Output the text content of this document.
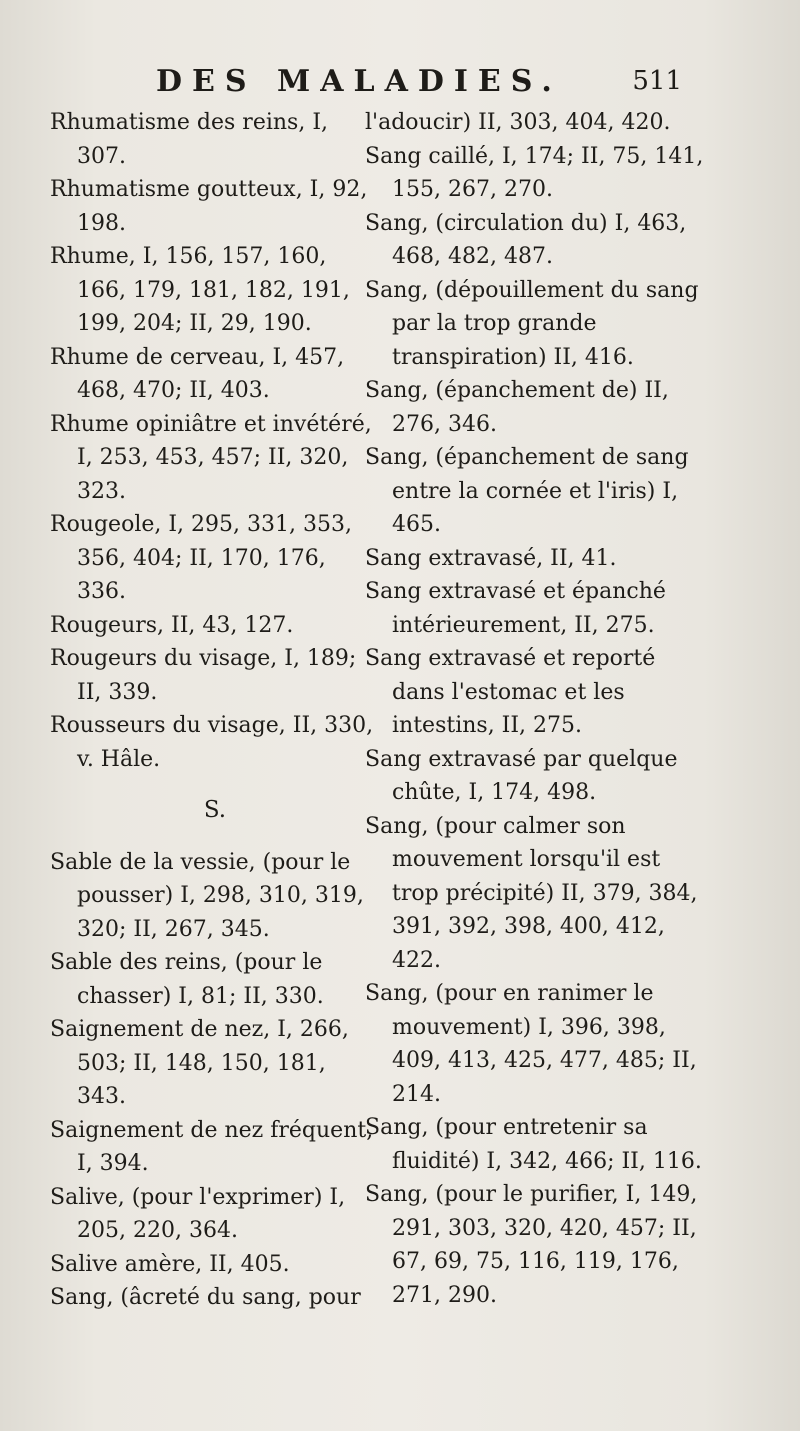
DES MALADIES.	511

Rhumatisme des reins, I, 307.

Rhumatisme goutteux, I, 92, 198.

Rhume, I, 156, 157, 160, 166, 179, 181, 182, 191, 199, 204; II, 29, 190.

Rhume de cerveau, I, 457, 468, 470; II, 403.

Rhume opiniâtre et invétéré, I, 253, 453, 457; II, 320, 323.

Rougeole, I, 295, 331, 353, 356, 404; II, 170, 176, 336.

Rougeurs, II, 43, 127.

Rougeurs du visage, I, 189; II, 339.

Rousseurs du visage, II, 330, v. Hâle.

S.

Sable de la vessie, (pour le pousser) I, 298, 310, 319, 320; II, 267, 345.

Sable des reins, (pour le chasser) I, 81; II, 330.

Saignement de nez, I, 266, 503; II, 148, 150, 181, 343.

Saignement de nez fréquent, I, 394.

Salive, (pour l'exprimer) I, 205, 220, 364.

Salive amère, II, 405.

Sang, (âcreté du sang, pour

l'adoucir) II, 303, 404, 420.

Sang caillé, I, 174; II, 75, 141, 155, 267, 270.

Sang, (circulation du) I, 463, 468, 482, 487.

Sang, (dépouillement du sang par la trop grande transpiration) II, 416.

Sang, (épanchement de) II, 276, 346.

Sang, (épanchement de sang entre la cornée et l'iris) I, 465.

Sang extravasé, II, 41.

Sang extravasé et épanché intérieurement, II, 275.

Sang extravasé et reporté dans l'estomac et les intestins, II, 275.

Sang extravasé par quelque chûte, I, 174, 498.

Sang, (pour calmer son mouvement lorsqu'il est trop précipité) II, 379, 384, 391, 392, 398, 400, 412, 422.

Sang, (pour en ranimer le mouvement) I, 396, 398, 409, 413, 425, 477, 485; II, 214.

Sang, (pour entretenir sa fluidité) I, 342, 466; II, 116.

Sang, (pour le purifier, I, 149, 291, 303, 320, 420, 457; II, 67, 69, 75, 116, 119, 176, 271, 290.
